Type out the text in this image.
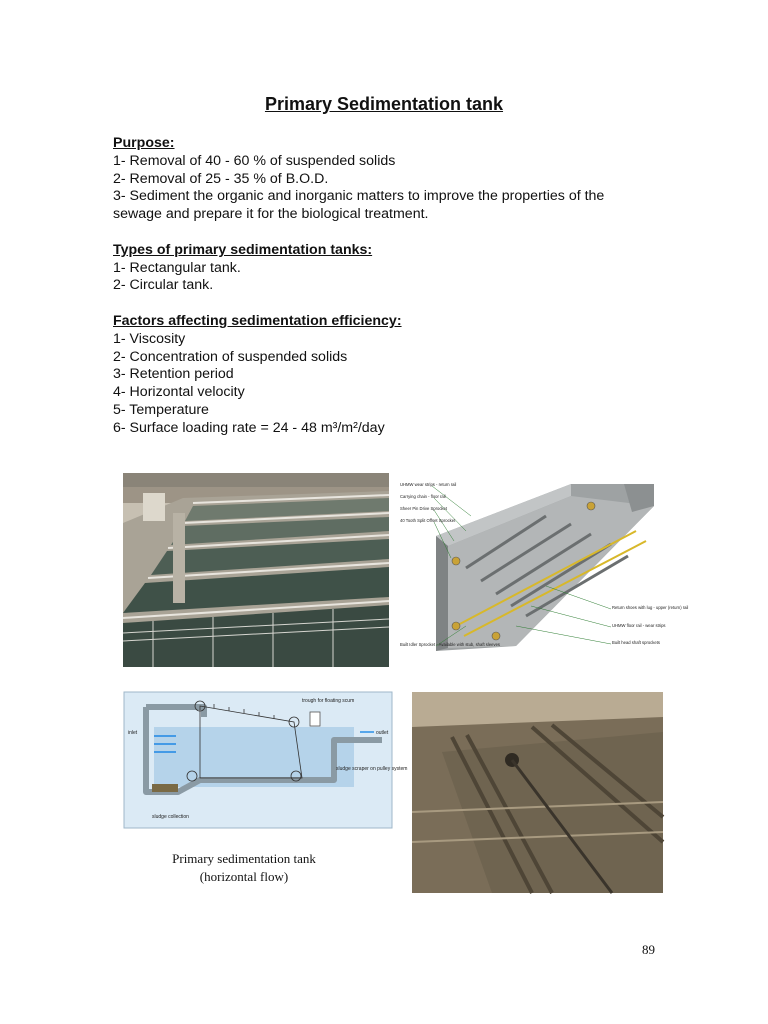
Primary Sedimentation tank
Purpose:
1- Removal of 40 - 60 % of suspended solids
2- Removal of 25 - 35 % of B.O.D.
3- Sediment the organic and inorganic matters to improve the properties of the
sewage and prepare it for the biological treatment.
Types of primary sedimentation tanks:
1- Rectangular tank.
2- Circular tank.
Factors affecting sedimentation efficiency:
1- Viscosity
2- Concentration of suspended solids
3- Retention period
4- Horizontal velocity
5- Temperature
6- Surface loading rate = 24 - 48 m³/m²/day
UHMW wear strips - return rail
Carrying chain - floor rail
Sheer Pin Drive Sprocket
40 Tooth Split Offset Sprocket
Return shoes with lug - upper (return) rail
UHMW floor rail - wear strips
Built Idler Sprocket - Available with stub, shaft sleeves	Built head shaft sprockets
trough for floating scum
inlet	outlet
sludge scraper on pulley system
sludge collection
Primary sedimentation tank
(horizontal flow)
89
